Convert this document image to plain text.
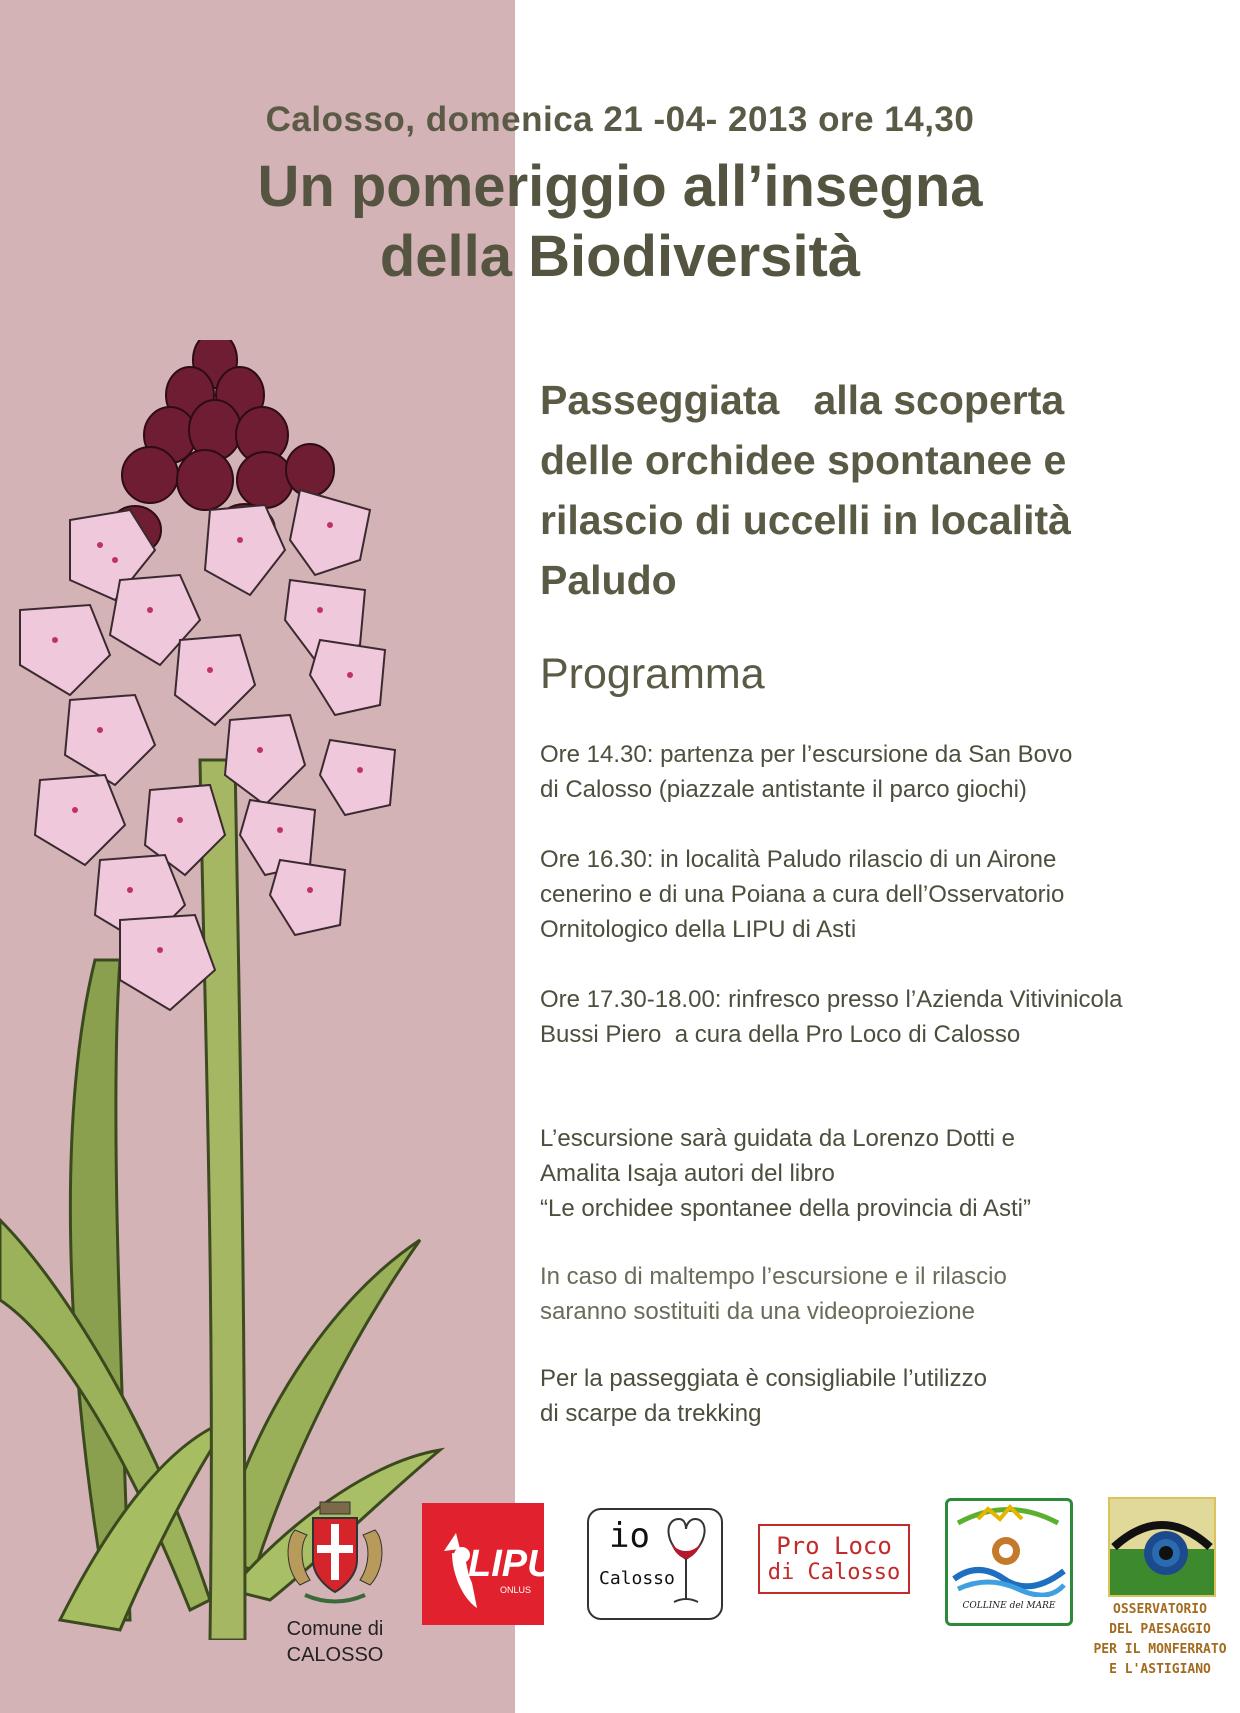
Calosso, domenica 21 -04- 2013 ore 14,30
Un pomeriggio all’insegna
della Biodiversità
Passeggiata   alla scoperta
delle orchidee spontanee e
rilascio di uccelli in località
Paludo
Programma
Ore 14.30: partenza per l’escursione da San Bovo
di Calosso (piazzale antistante il parco giochi)
Ore 16.30: in località Paludo rilascio di un Airone
cenerino e di una Poiana a cura dell’Osservatorio
Ornitologico della LIPU di Asti
Ore 17.30-18.00: rinfresco presso l’Azienda Vitivinicola
Bussi Piero  a cura della Pro Loco di Calosso
L’escursione sarà guidata da Lorenzo Dotti e
Amalita Isaja autori del libro
“Le orchidee spontanee della provincia di Asti”
In caso di maltempo l’escursione e il rilascio
saranno sostituiti da una videoproiezione
Per la passeggiata è consigliabile l’utilizzo
di scarpe da trekking
Comune di
CALOSSO
LIPU
ONLUS
io
Calosso
Pro Loco
di Calosso
COLLINE del MARE	OSSERVATORIO
DEL PAESAGGIO
PER IL MONFERRATO
E L'ASTIGIANO
